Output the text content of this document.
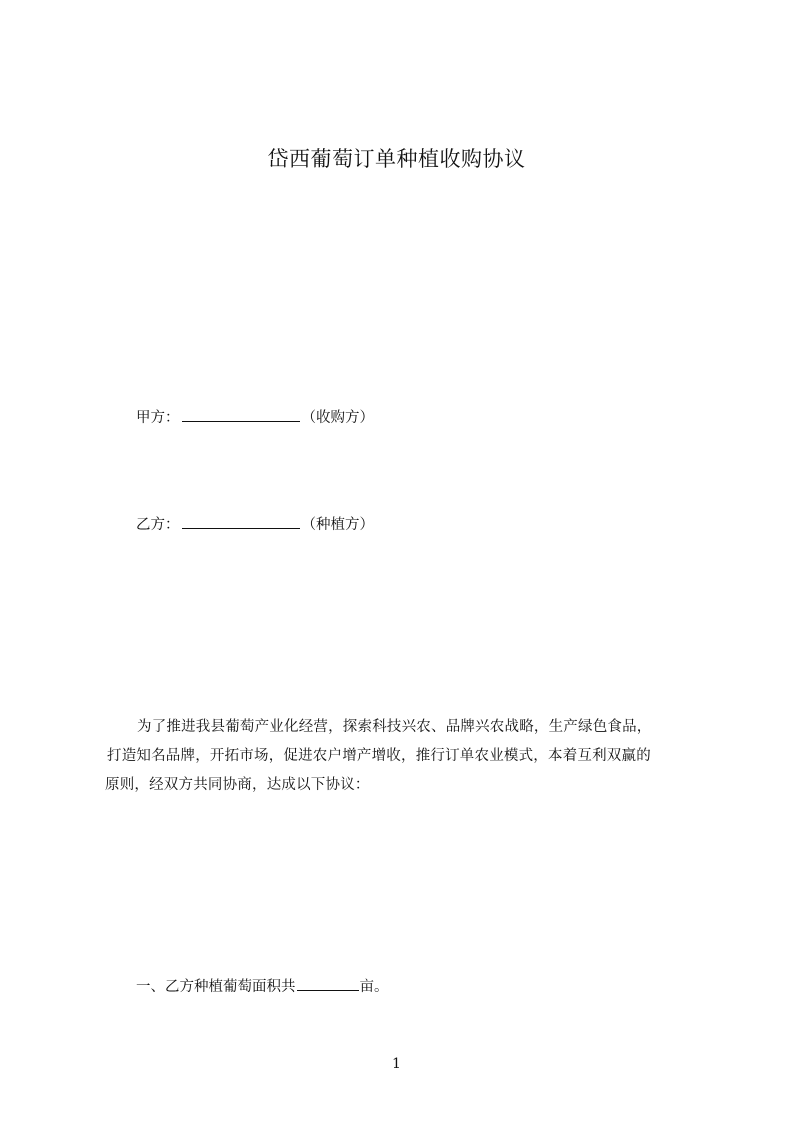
岱西葡萄订单种植收购协议
甲方：	（收购方）
乙方：	（种植方）
为了推进我县葡萄产业化经营，探索科技兴农、品牌兴农战略，生产绿色食品，
打造知名品牌，开拓市场，促进农户增产增收，推行订单农业模式，本着互利双赢的
原则，经双方共同协商，达成以下协议：
一、乙方种植葡萄面积共	亩。
1
